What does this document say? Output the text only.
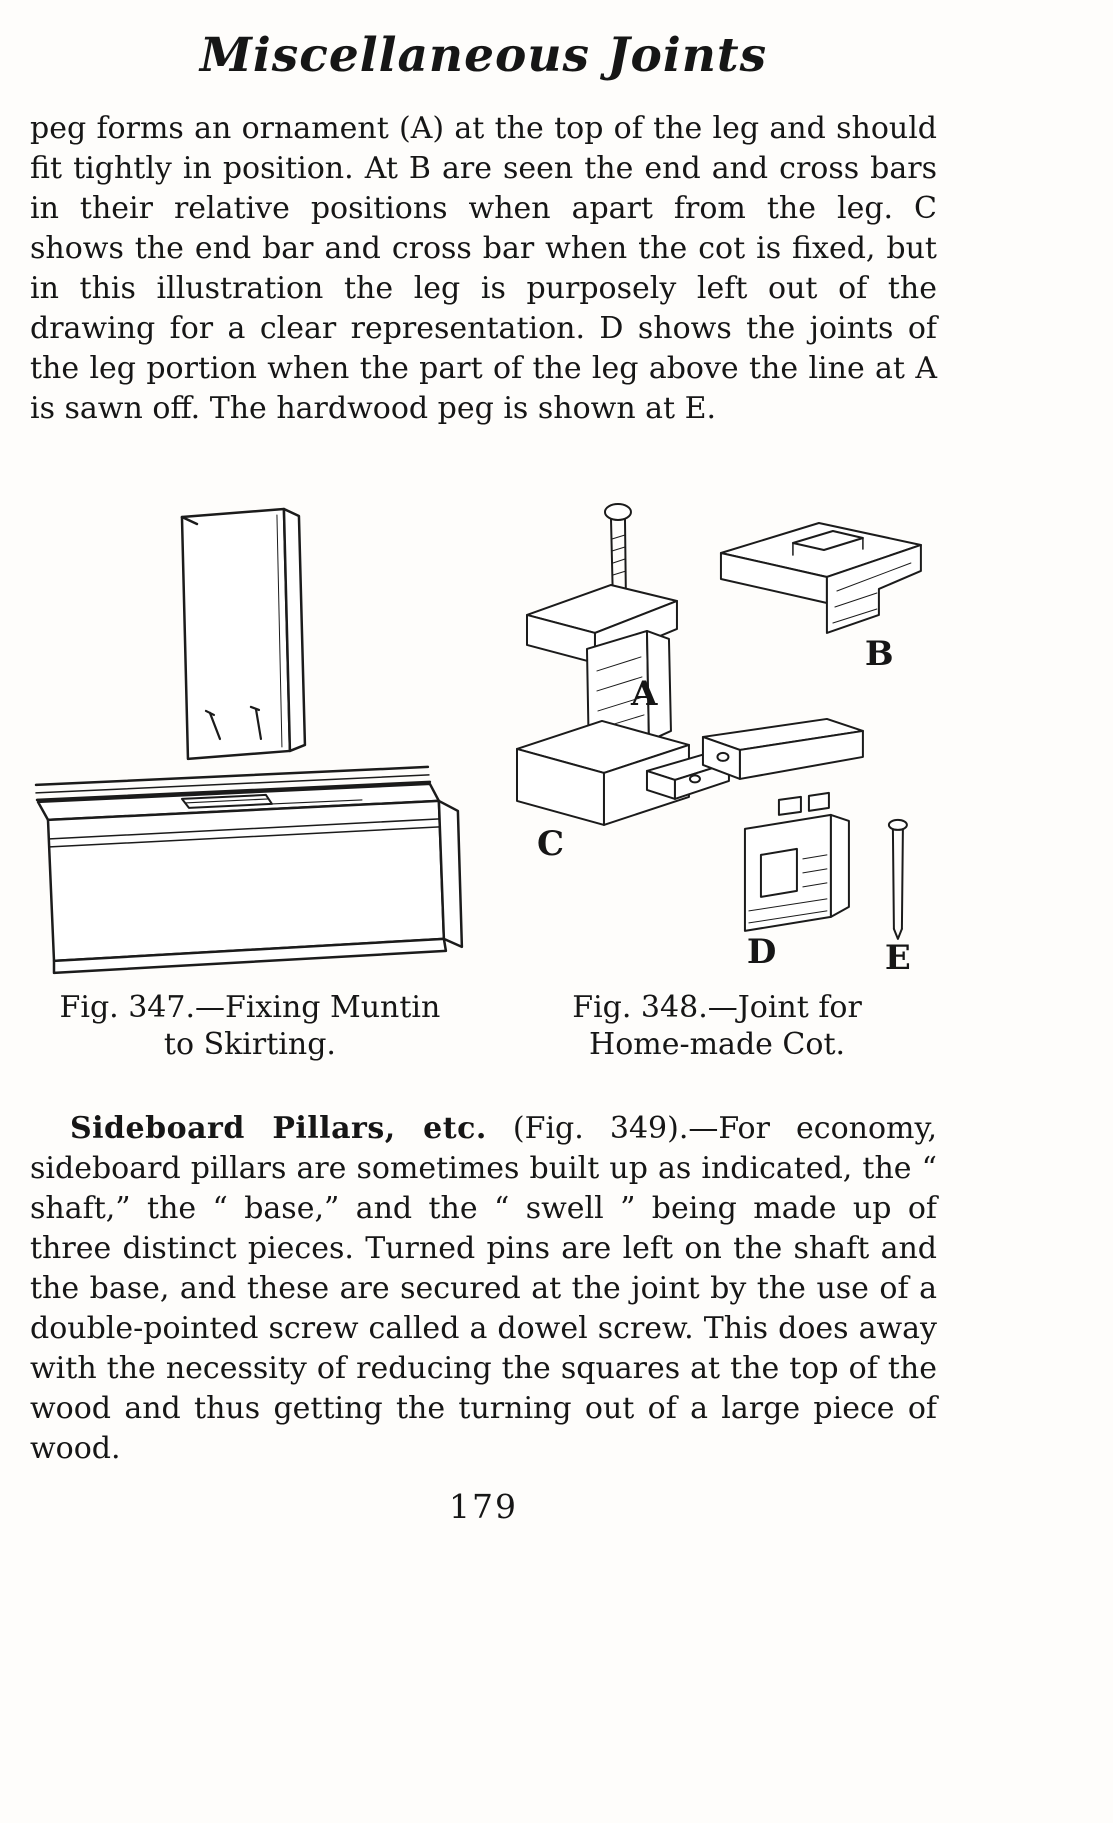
Miscellaneous Joints

peg forms an ornament (A) at the top of the leg and should fit tightly in position. At B are seen the end and cross bars in their relative positions when apart from the leg. C shows the end bar and cross bar when the cot is fixed, but in this illustration the leg is purposely left out of the drawing for a clear representation. D shows the joints of the leg portion when the part of the leg above the line at A is sawn off. The hardwood peg is shown at E.

Fig. 347.—Fixing Muntin
to Skirting.
A
B
C
D	E
Fig. 348.—Joint for
Home-made Cot.

Sideboard Pillars, etc. (Fig. 349).—For economy, sideboard pillars are sometimes built up as indicated, the “ shaft,” the “ base,” and the “ swell ” being made up of three distinct pieces. Turned pins are left on the shaft and the base, and these are secured at the joint by the use of a double-pointed screw called a dowel screw. This does away with the necessity of reducing the squares at the top of the wood and thus getting the turning out of a large piece of wood.

179
